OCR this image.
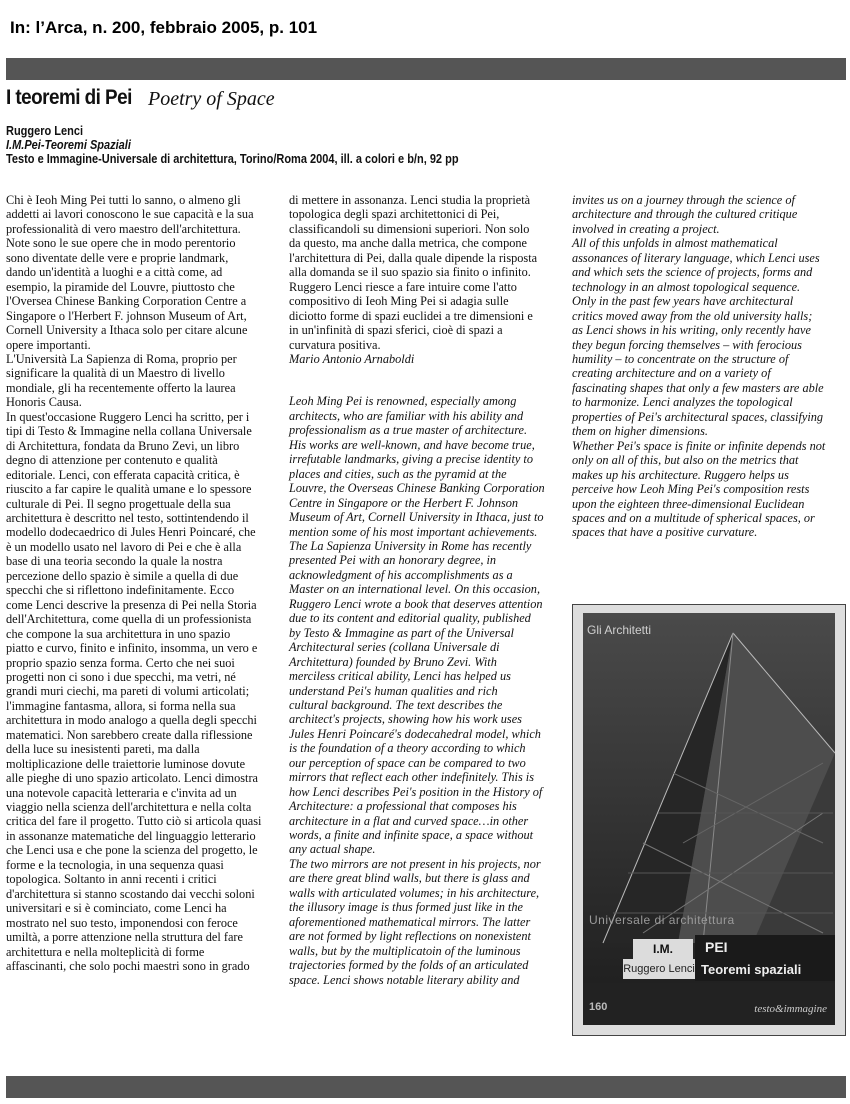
In: l’Arca, n. 200, febbraio 2005, p. 101
I teoremi di Pei Poetry of Space
Ruggero Lenci
I.M.Pei-Teoremi Spaziali
Testo e Immagine-Universale di architettura, Torino/Roma 2004, ill. a colori e b/n, 92 pp

Chi è Ieoh Ming Pei tutti lo sanno, o almeno gli

addetti ai lavori conoscono le sue capacità e la sua

professionalità di vero maestro dell'architettura.

Note sono le sue opere che in modo perentorio

sono diventate delle vere e proprie landmark,

dando un'identità a luoghi e a città come, ad

esempio, la piramide del Louvre, piuttosto che

l'Oversea Chinese Banking Corporation Centre a

Singapore o l'Herbert F. johnson Museum of Art,

Cornell University a Ithaca solo per citare alcune

opere importanti.

L'Università La Sapienza di Roma, proprio per

significare la qualità di un Maestro di livello

mondiale, gli ha recentemente offerto la laurea

Honoris Causa.

In quest'occasione Ruggero Lenci ha scritto, per i

tipi di Testo & Immagine nella collana Universale

di Architettura, fondata da Bruno Zevi, un libro

degno di attenzione per contenuto e qualità

editoriale. Lenci, con efferata capacità critica, è

riuscito a far capire le qualità umane e lo spessore

culturale di Pei. Il segno progettuale della sua

architettura è descritto nel testo, sottintendendo il

modello dodecaedrico di Jules Henri Poincaré, che

è un modello usato nel lavoro di Pei e che è alla

base di una teoria secondo la quale la nostra

percezione dello spazio è simile a quella di due

specchi che si riflettono indefinitamente. Ecco

come Lenci descrive la presenza di Pei nella Storia

dell'Architettura, come quella di un professionista

che compone la sua architettura in uno spazio

piatto e curvo, finito e infinito, insomma, un vero e

proprio spazio senza forma. Certo che nei suoi

progetti non ci sono i due specchi, ma vetri, né

grandi muri ciechi, ma pareti di volumi articolati;

l'immagine fantasma, allora, si forma nella sua

architettura in modo analogo a quella degli specchi

matematici. Non sarebbero create dalla riflessione

della luce su inesistenti pareti, ma dalla

moltiplicazione delle traiettorie luminose dovute

alle pieghe di uno spazio articolato. Lenci dimostra

una notevole capacità letteraria e c'invita ad un

viaggio nella scienza dell'architettura e nella colta

critica del fare il progetto. Tutto ciò si articola quasi

in assonanze matematiche del linguaggio letterario

che Lenci usa e che pone la scienza del progetto, le

forme e la tecnologia, in una sequenza quasi

topologica. Soltanto in anni recenti i critici

d'architettura si stanno scostando dai vecchi soloni

universitari e si è cominciato, come Lenci ha

mostrato nel suo testo, imponendosi con feroce

umiltà, a porre attenzione nella struttura del fare

architettura e nella molteplicità di forme

affascinanti, che solo pochi maestri sono in grado

di mettere in assonanza. Lenci studia la proprietà

topologica degli spazi architettonici di Pei,

classificandoli su dimensioni superiori. Non solo

da questo, ma anche dalla metrica, che compone

l'architettura di Pei, dalla quale dipende la risposta

alla domanda se il suo spazio sia finito o infinito.

Ruggero Lenci riesce a fare intuire come l'atto

compositivo di Ieoh Ming Pei si adagia sulle

diciotto forme di spazi euclidei a tre dimensioni e

in un'infinità di spazi sferici, cioè di spazi a

curvatura positiva.

Mario Antonio Arnaboldi

Leoh Ming Pei is renowned, especially among

architects, who are familiar with his ability and

professionalism as a true master of architecture.

His works are well-known, and have become true,

irrefutable landmarks, giving a precise identity to

places and cities, such as the pyramid at the

Louvre, the Overseas Chinese Banking Corporation

Centre in Singapore or the Herbert F. Johnson

Museum of Art, Cornell University in Ithaca, just to

mention some of his most important achievements.

The La Sapienza University in Rome has recently

presented Pei with an honorary degree, in

acknowledgment of his accomplishments as a

Master on an international level. On this occasion,

Ruggero Lenci wrote a book that deserves attention

due to its content and editorial quality, published

by Testo & Immagine as part of the Universal

Architectural series (collana Universale di

Architettura) founded by Bruno Zevi. With

merciless critical ability, Lenci has helped us

understand Pei's human qualities and rich

cultural background. The text describes the

architect's projects, showing how his work uses

Jules Henri Poincaré's dodecahedral model, which

is the foundation of a theory according to which

our perception of space can be compared to two

mirrors that reflect each other indefinitely. This is

how Lenci describes Pei's position in the History of

Architecture: a professional that composes his

architecture in a flat and curved space…in other

words, a finite and infinite space, a space without

any actual shape.

The two mirrors are not present in his projects, nor

are there great blind walls, but there is glass and

walls with articulated volumes; in his architecture,

the illusory image is thus formed just like in the

aforementioned mathematical mirrors. The latter

are not formed by light reflections on nonexistent

walls, but by the multiplicatoin of the luminous

trajectories formed by the folds of an articulated

space. Lenci shows notable literary ability and

invites us on a journey through the science of

architecture and through the cultured critique

involved in creating a project.

All of this unfolds in almost mathematical

assonances of literary language, which Lenci uses

and which sets the science of projects, forms and

technology in an almost topological sequence.

Only in the past few years have architectural

critics moved away from the old university halls;

as Lenci shows in his writing, only recently have

they begun forcing themselves – with ferocious

humility – to concentrate on the structure of

creating architecture and on a variety of

fascinating shapes that only a few masters are able

to harmonize. Lenci analyzes the topological

properties of Pei's architectural spaces, classifying

them on higher dimensions.

Whether Pei's space is finite or infinite depends not

only on all of this, but also on the metrics that

makes up his architecture. Ruggero helps us

perceive how Leoh Ming Pei's composition rests

upon the eighteen three-dimensional Euclidean

spaces and on a multitude of spherical spaces, or

spaces that have a positive curvature.

Gli Architetti
Universale di architettura
I.M.	PEI
Ruggero Lenci Teoremi spaziali
160	testo&immagine
